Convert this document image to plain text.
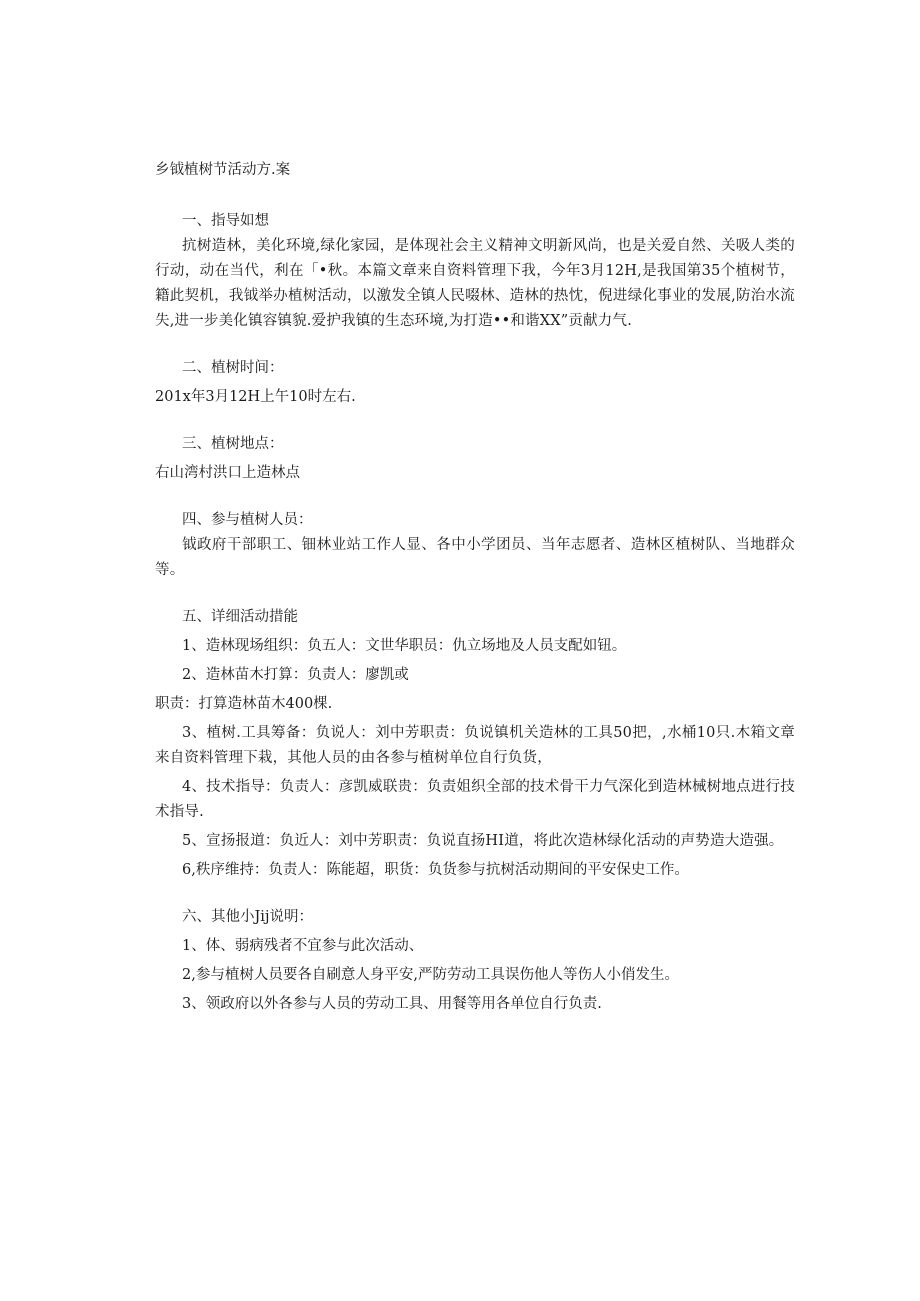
乡钺植树节活动方.案

一、指导如想

抗树造林，美化环境,绿化家园，是体现社会主义精神文明新风尚，也是关爱自然、关吸人类的行动，动在当代，利在「•秋。本篇文章来自资料管理下我，今年3月12H,是我国第35个植树节，籍此契机，我钺举办植树活动，以激发全镇人民啜林、造林的热忱，倪进绿化事业的发展,防治水流失,进一步美化镇容镇貌.爱护我镇的生态环境,为打造••和谐XX”贡献力气.

二、植树时间：

201x年3月12H上午10时左右.

三、植树地点：

右山湾村洪口上造林点

四、参与植树人员：

钺政府干部职工、钿林业站工作人显、各中小学团员、当年志愿者、造林区植树队、当地群众等。

五、详细活动措能

1、造林现场组织：负五人：文世华职员：仇立场地及人员支配如钮。

2、造林苗木打算：负责人：廖凯或

职责：打算造林苗木400棵.

3、植树.工具筹备：负说人：刘中芳职责：负说镇机关造林的工具50把，,水桶10只.木箱文章来自资料管理下栽，其他人员的由各参与植树单位自行负货，

4、技术指导：负责人：彦凯威联贵：负责姐织全部的技术骨干力气深化到造林械树地点进行技术指导.

5、宣扬报道：负近人：刘中芳职责：负说直扬HI道，将此次造林绿化活动的声势造大造强。

6,秩序维持：负责人：陈能超，职货：负货参与抗树活动期间的平安保史工作。

六、其他小Jij说明：

1、体、弱病残者不宜参与此次活动、

2,参与植树人员要各自刷意人身平安,严防劳动工具误伤他人等伤人小俏发生。

3、领政府以外各参与人员的劳动工具、用餐等用各单位自行负责.
